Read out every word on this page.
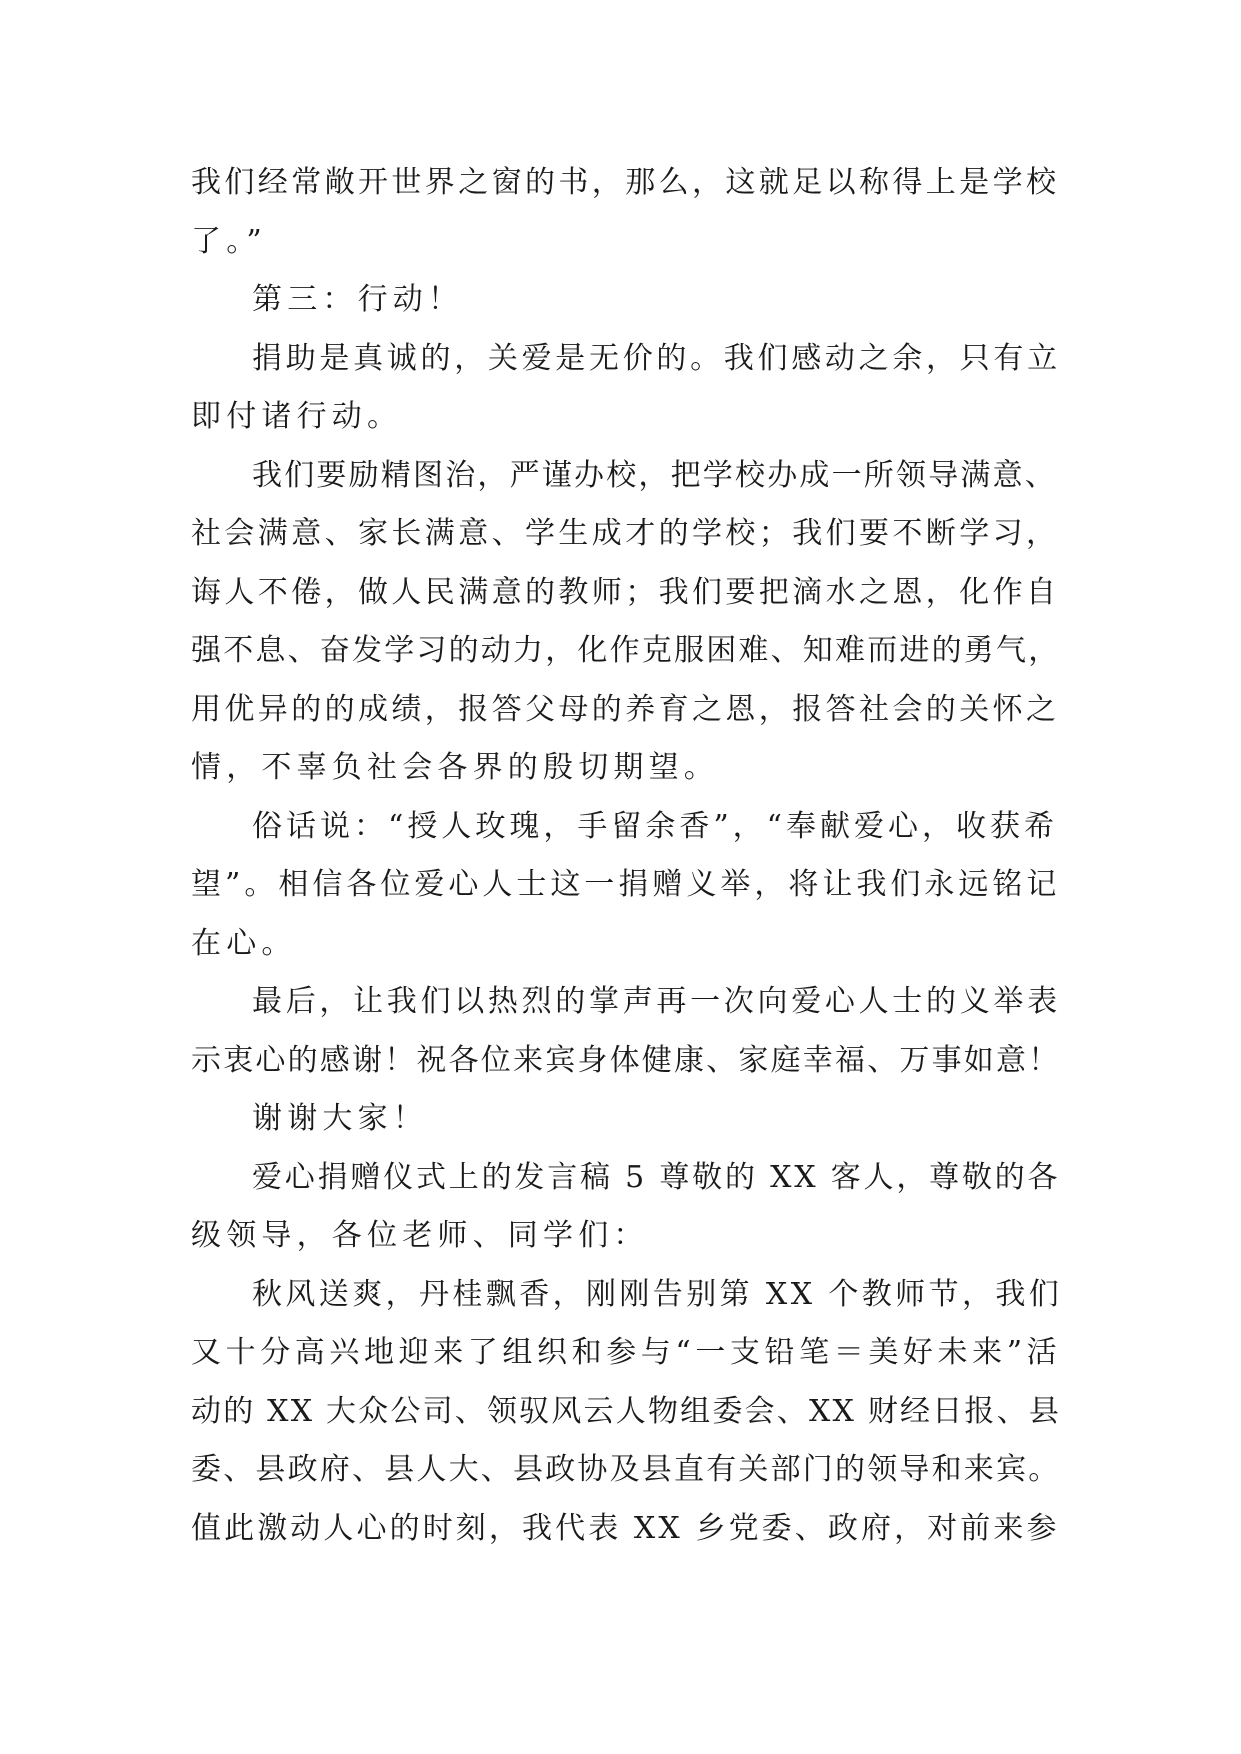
我们经常敞开世界之窗的书，那么，这就足以称得上是学校
了。”

第三：行动！

捐助是真诚的，关爱是无价的。我们感动之余，只有立
即付诸行动。

我们要励精图治，严谨办校，把学校办成一所领导满意、
社会满意、家长满意、学生成才的学校；我们要不断学习，
诲人不倦，做人民满意的教师；我们要把滴水之恩，化作自
强不息、奋发学习的动力，化作克服困难、知难而进的勇气，
用优异的的成绩，报答父母的养育之恩，报答社会的关怀之
情，不辜负社会各界的殷切期望。

俗话说：“授人玫瑰，手留余香”，“奉献爱心，收获希
望”。相信各位爱心人士这一捐赠义举，将让我们永远铭记
在心。

最后，让我们以热烈的掌声再一次向爱心人士的义举表
示衷心的感谢！祝各位来宾身体健康、家庭幸福、万事如意！

谢谢大家！

爱心捐赠仪式上的发言稿 5 尊敬的 XX 客人，尊敬的各
级领导，各位老师、同学们：

秋风送爽，丹桂飘香，刚刚告别第 XX 个教师节，我们
又十分高兴地迎来了组织和参与“一支铅笔＝美好未来”活
动的 XX 大众公司、领驭风云人物组委会、XX 财经日报、县
委、县政府、县人大、县政协及县直有关部门的领导和来宾。
值此激动人心的时刻，我代表 XX 乡党委、政府，对前来参
